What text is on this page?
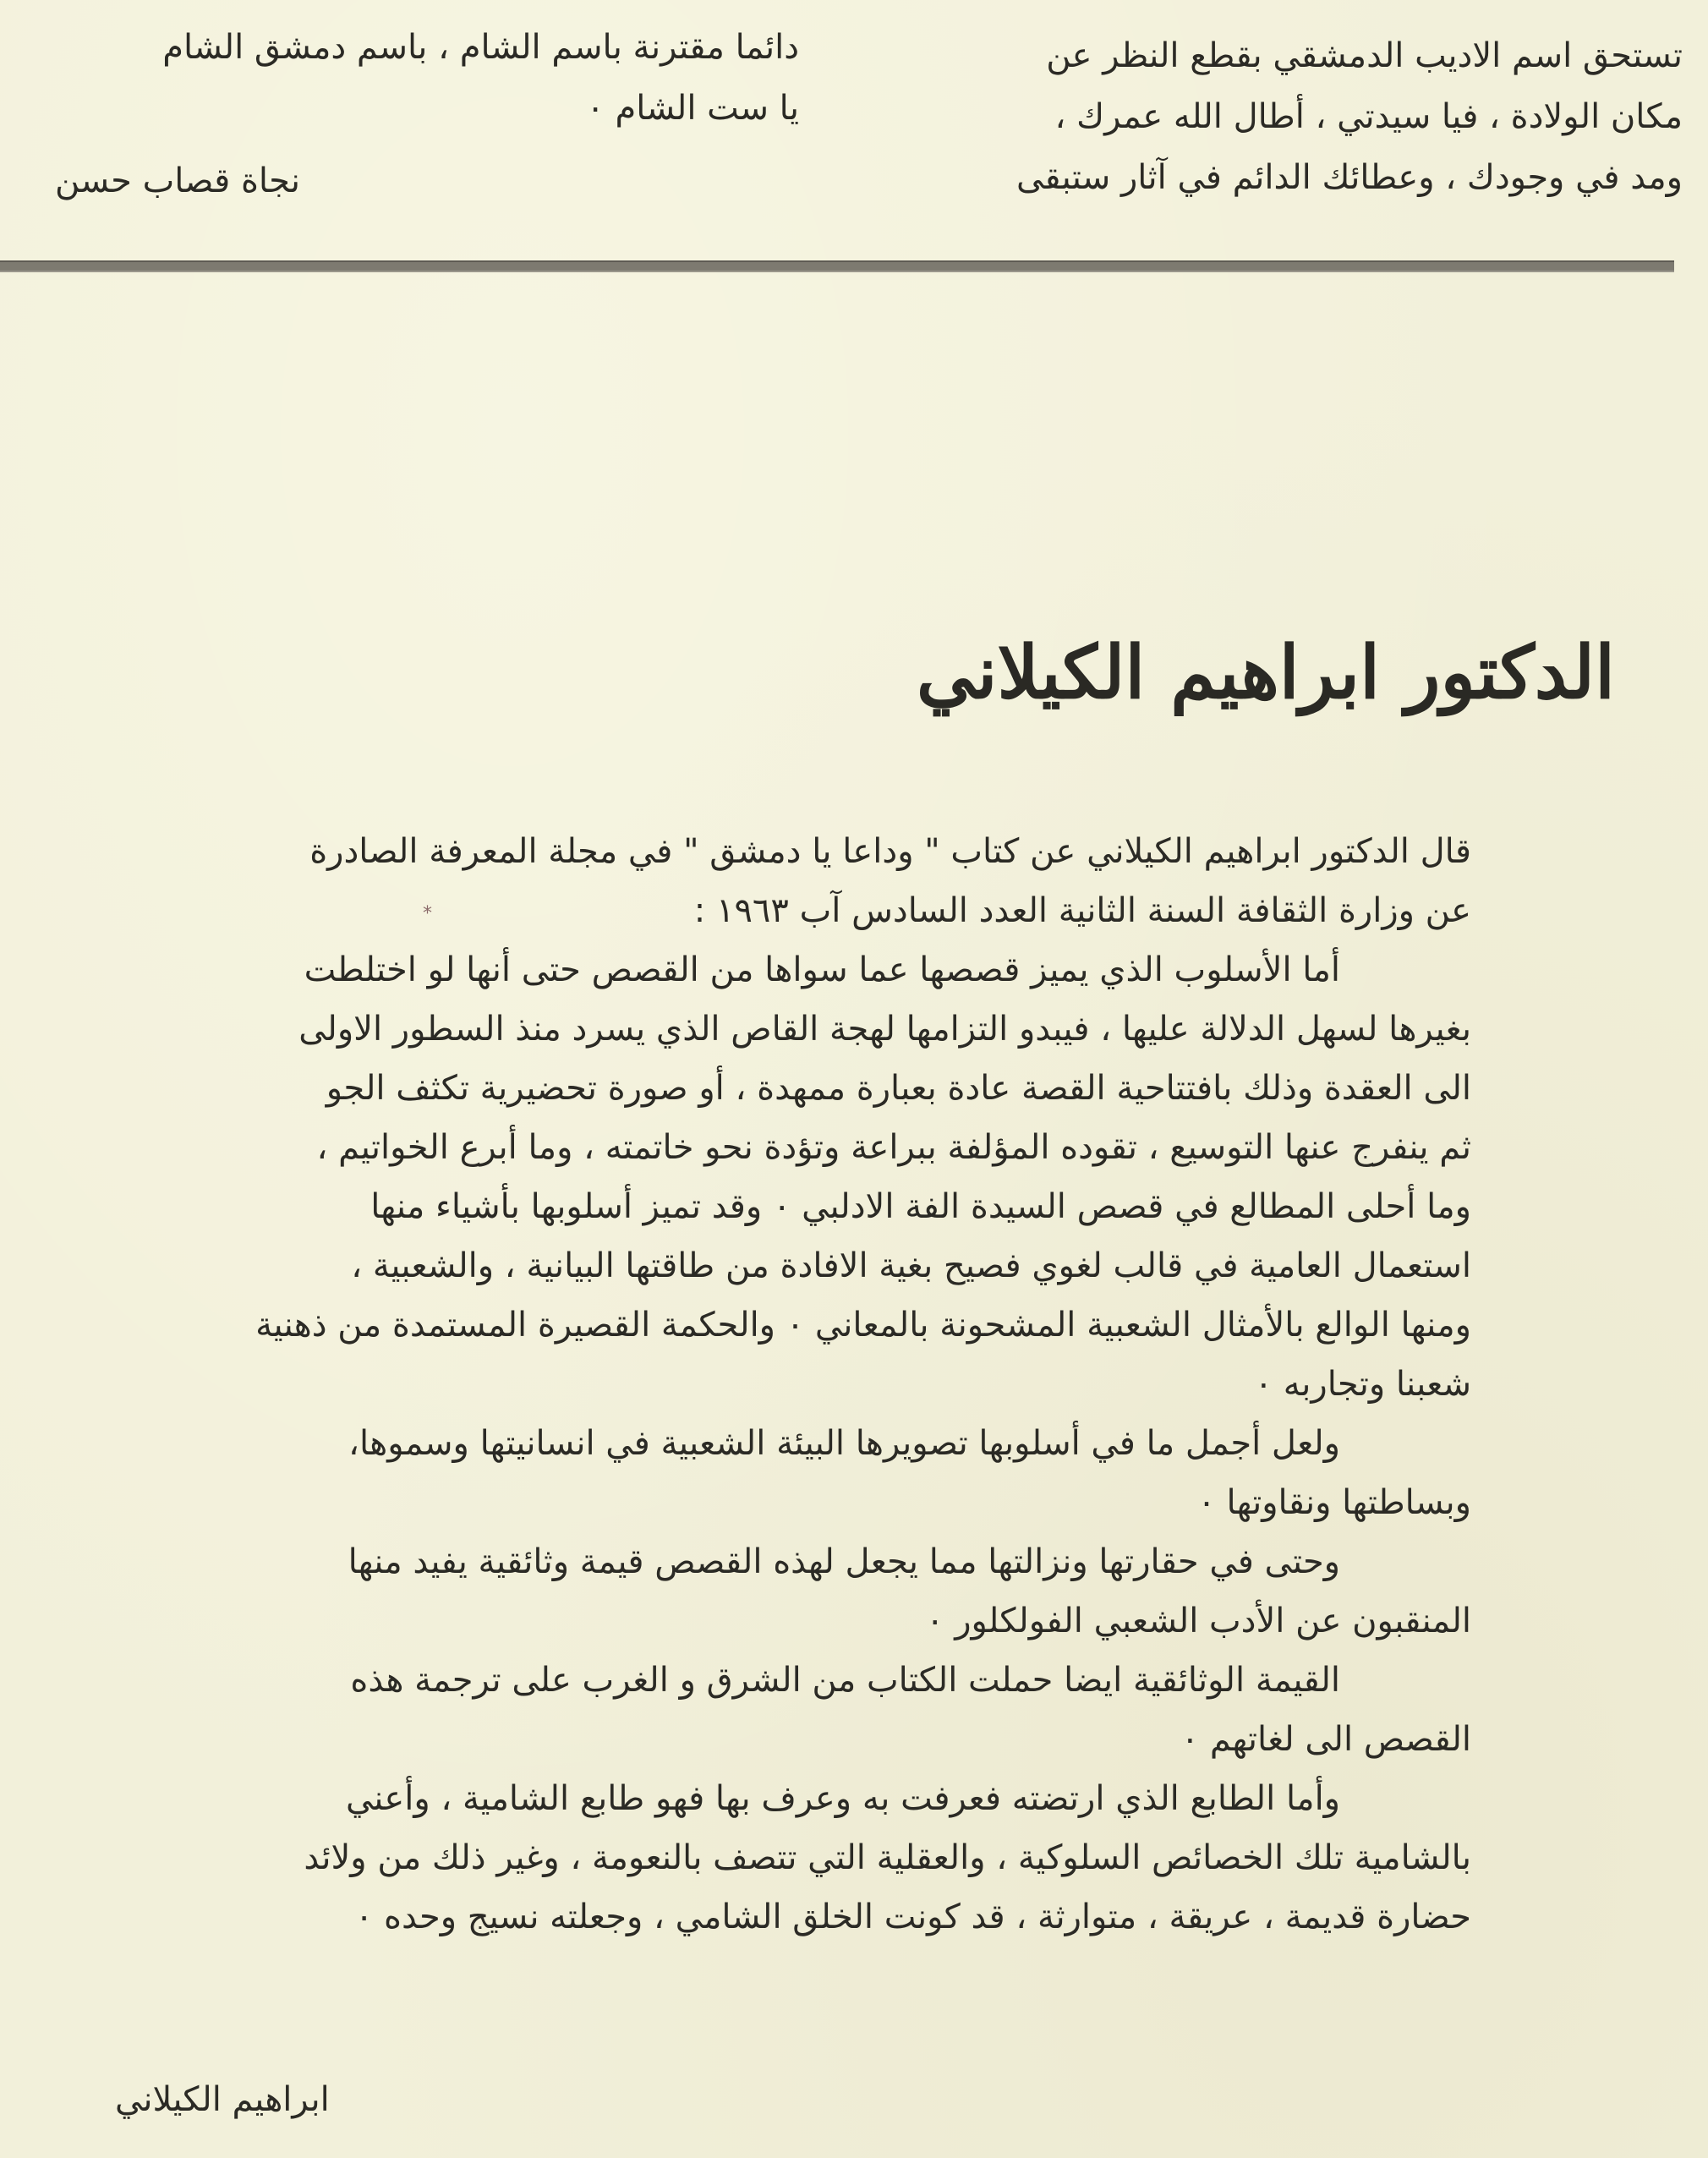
تستحق اسم الاديب الدمشقي بقطع النظر عن
مكان الولادة ، فيا سيدتي ، أطال الله عمرك ،
ومد في وجودك ، وعطائك الدائم في آثار ستبقى
دائما مقترنة باسم الشام ، باسم دمشق الشام
يا ست الشام ٠
نجاة قصاب حسن
الدكتور ابراهيم الكيلاني
*
قال الدكتور ابراهيم الكيلاني عن كتاب " وداعا يا دمشق " في مجلة المعرفة الصادرة
عن وزارة الثقافة السنة الثانية العدد السادس آب ١٩٦٣ :
أما الأسلوب الذي يميز قصصها عما سواها من القصص حتى أنها لو اختلطت
بغيرها لسهل الدلالة عليها ، فيبدو التزامها لهجة القاص الذي يسرد منذ السطور الاولى
الى العقدة وذلك بافتتاحية القصة عادة بعبارة ممهدة ، أو صورة تحضيرية تكثف الجو
ثم ينفرج عنها التوسيع ، تقوده المؤلفة ببراعة وتؤدة نحو خاتمته ، وما أبرع الخواتيم ،
وما أحلى المطالع في قصص السيدة الفة الادلبي ٠ وقد تميز أسلوبها بأشياء منها
استعمال العامية في قالب لغوي فصيح بغية الافادة من طاقتها البيانية ، والشعبية ،
ومنها الوالع بالأمثال الشعبية المشحونة بالمعاني ٠ والحكمة القصيرة المستمدة من ذهنية
شعبنا وتجاربه ٠
ولعل أجمل ما في أسلوبها تصويرها البيئة الشعبية في انسانيتها وسموها،
وبساطتها ونقاوتها ٠
وحتى في حقارتها ونزالتها مما يجعل لهذه القصص قيمة وثائقية يفيد منها
المنقبون عن الأدب الشعبي الفولكلور ٠
القيمة الوثائقية ايضا حملت الكتاب من الشرق و الغرب على ترجمة هذه
القصص الى لغاتهم ٠
وأما الطابع الذي ارتضته فعرفت به وعرف بها فهو طابع الشامية ، وأعني
بالشامية تلك الخصائص السلوكية ، والعقلية التي تتصف بالنعومة ، وغير ذلك من ولائد
حضارة قديمة ، عريقة ، متوارثة ، قد كونت الخلق الشامي ، وجعلته نسيج وحده ٠
ابراهيم الكيلاني
